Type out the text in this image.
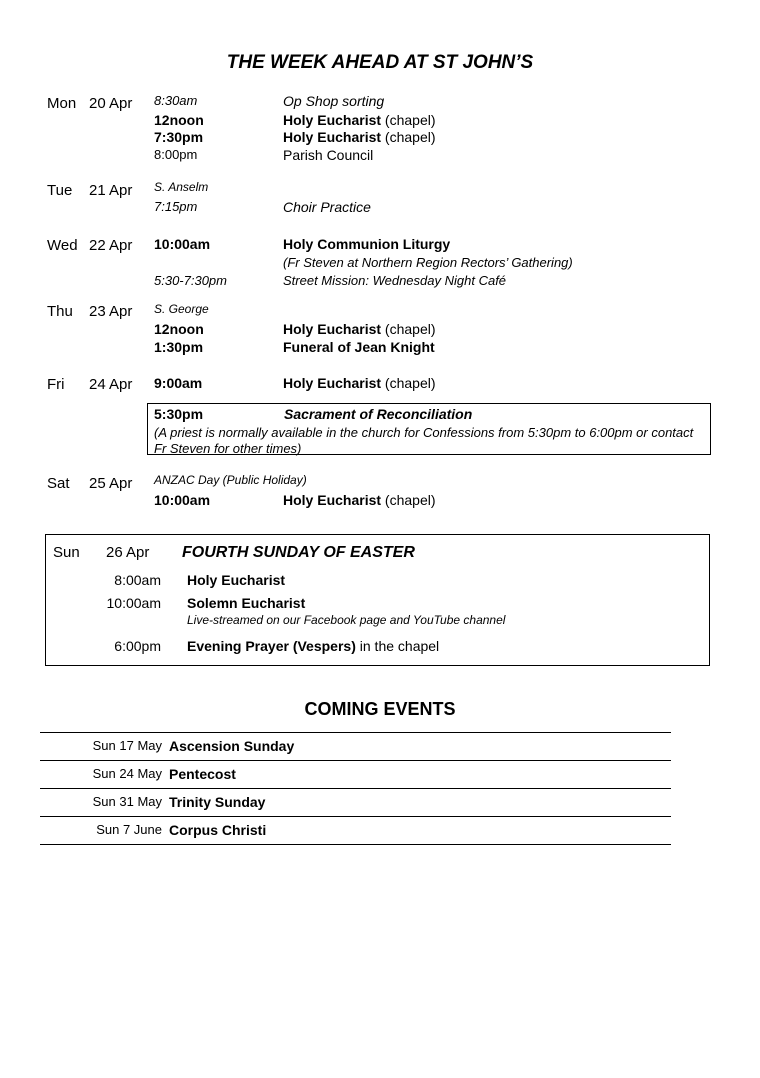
THE WEEK AHEAD AT ST JOHN’S
Mon 20 Apr 8:30am	Op Shop sorting
12noon	Holy Eucharist (chapel)
7:30pm	Holy Eucharist (chapel)
8:00pm	Parish Council
Tue 21 Apr S. Anselm
7:15pm	Choir Practice
Wed 22 Apr 10:00am	Holy Communion Liturgy
(Fr Steven at Northern Region Rectors’ Gathering)
5:30-7:30pm	Street Mission: Wednesday Night Café
Thu 23 Apr S. George
12noon	Holy Eucharist (chapel)
1:30pm	Funeral of Jean Knight
Fri 24 Apr 9:00am	Holy Eucharist (chapel)
5:30pm	Sacrament of Reconciliation
(A priest is normally available in the church for Confessions from 5:30pm to 6:00pm or contact Fr Steven for other times)
Sat 25 Apr ANZAC Day (Public Holiday)
10:00am	Holy Eucharist (chapel)
Sun 26 Apr FOURTH SUNDAY OF EASTER
8:00am Holy Eucharist
10:00am Solemn Eucharist
Live-streamed on our Facebook page and YouTube channel
6:00pm Evening Prayer (Vespers) in the chapel
COMING EVENTS
Sun 17 May Ascension Sunday
Sun 24 May Pentecost
Sun 31 May Trinity Sunday
Sun 7 June Corpus Christi
